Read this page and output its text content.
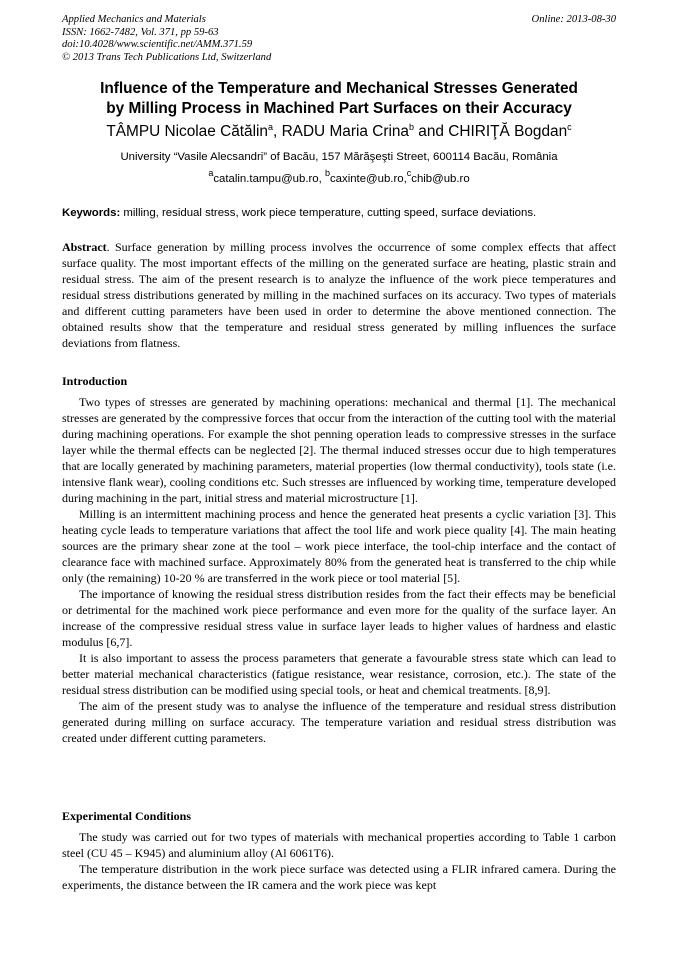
Applied Mechanics and Materials
ISSN: 1662-7482, Vol. 371, pp 59-63
doi:10.4028/www.scientific.net/AMM.371.59
© 2013 Trans Tech Publications Ltd, Switzerland
Online: 2013-08-30
Influence of the Temperature and Mechanical Stresses Generated
by Milling Process in Machined Part Surfaces on their Accuracy
TÂMPU Nicolae Cătălin$^a$, RADU Maria Crina$^b$ and CHIRIŢĂ Bogdan$^c$
University “Vasile Alecsandri” of Bacău, 157 Mărăşeşti Street, 600114 Bacău, România
$^a$catalin.tampu@ub.ro, $^b$caxinte@ub.ro,$^c$chib@ub.ro
Keywords: milling, residual stress, work piece temperature, cutting speed, surface deviations.

Abstract. Surface generation by milling process involves the occurrence of some complex effects that affect surface quality. The most important effects of the milling on the generated surface are heating, plastic strain and residual stress. The aim of the present research is to analyze the influence of the work piece temperatures and residual stress distributions generated by milling in the machined surfaces on its accuracy. Two types of materials and different cutting parameters have been used in order to determine the above mentioned connection. The obtained results show that the temperature and residual stress generated by milling influences the surface deviations from flatness.

Introduction

Two types of stresses are generated by machining operations: mechanical and thermal [1]. The mechanical stresses are generated by the compressive forces that occur from the interaction of the cutting tool with the material during machining operations. For example the shot penning operation leads to compressive stresses in the surface layer while the thermal effects can be neglected [2]. The thermal induced stresses occur due to high temperatures that are locally generated by machining parameters, material properties (low thermal conductivity), tools state (i.e. intensive flank wear), cooling conditions etc. Such stresses are influenced by working time, temperature developed during machining in the part, initial stress and material microstructure [1].

Milling is an intermittent machining process and hence the generated heat presents a cyclic variation [3]. This heating cycle leads to temperature variations that affect the tool life and work piece quality [4]. The main heating sources are the primary shear zone at the tool – work piece interface, the tool-chip interface and the contact of clearance face with machined surface. Approximately 80% from the generated heat is transferred to the chip while only (the remaining) 10-20 % are transferred in the work piece or tool material [5].

The importance of knowing the residual stress distribution resides from the fact their effects may be beneficial or detrimental for the machined work piece performance and even more for the quality of the surface layer. An increase of the compressive residual stress value in surface layer leads to higher values of hardness and elastic modulus [6,7].

It is also important to assess the process parameters that generate a favourable stress state which can lead to better material mechanical characteristics (fatigue resistance, wear resistance, corrosion, etc.). The state of the residual stress distribution can be modified using special tools, or heat and chemical treatments. [8,9].

The aim of the present study was to analyse the influence of the temperature and residual stress distribution generated during milling on surface accuracy. The temperature variation and residual stress distribution was created under different cutting parameters.

Experimental Conditions

The study was carried out for two types of materials with mechanical properties according to Table 1 carbon steel (CU 45 – K945) and aluminium alloy (Al 6061T6).

The temperature distribution in the work piece surface was detected using a FLIR infrared camera. During the experiments, the distance between the IR camera and the work piece was kept
